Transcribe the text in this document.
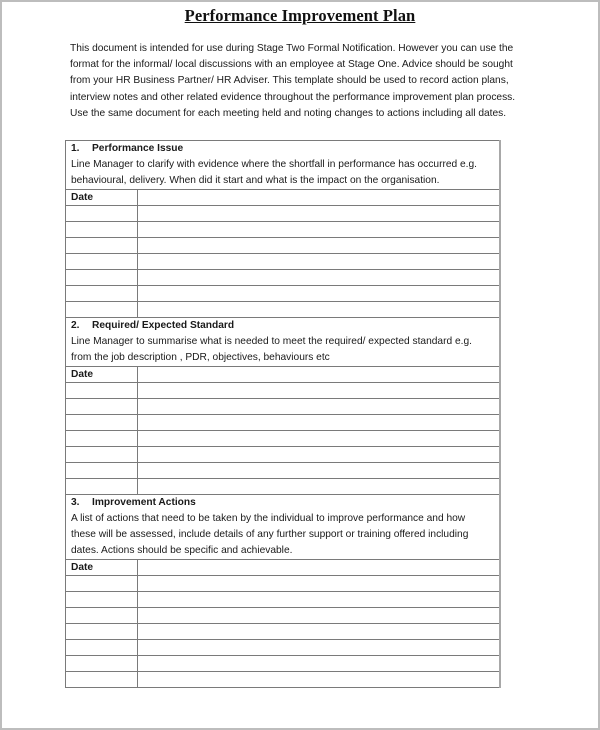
Performance Improvement Plan
This document is intended for use during Stage Two Formal Notification. However you can use the
format for the informal/ local discussions with an employee at Stage One. Advice should be sought
from your HR Business Partner/ HR Adviser. This template should be used to record action plans,
interview notes and other related evidence throughout the performance improvement plan process.
Use the same document for each meeting held and noting changes to actions including all dates.
1. Performance Issue
Line Manager to clarify with evidence where the shortfall in performance has occurred e.g.
behavioural, delivery. When did it start and what is the impact on the organisation.	

Date	

2. Required/ Expected Standard
Line Manager to summarise what is needed to meet the required/ expected standard e.g.
from the job description , PDR, objectives, behaviours etc	

Date	

3. Improvement Actions
A list of actions that need to be taken by the individual to improve performance and how
these will be assessed, include details of any further support or training offered including
dates. Actions should be specific and achievable.	

Date	
